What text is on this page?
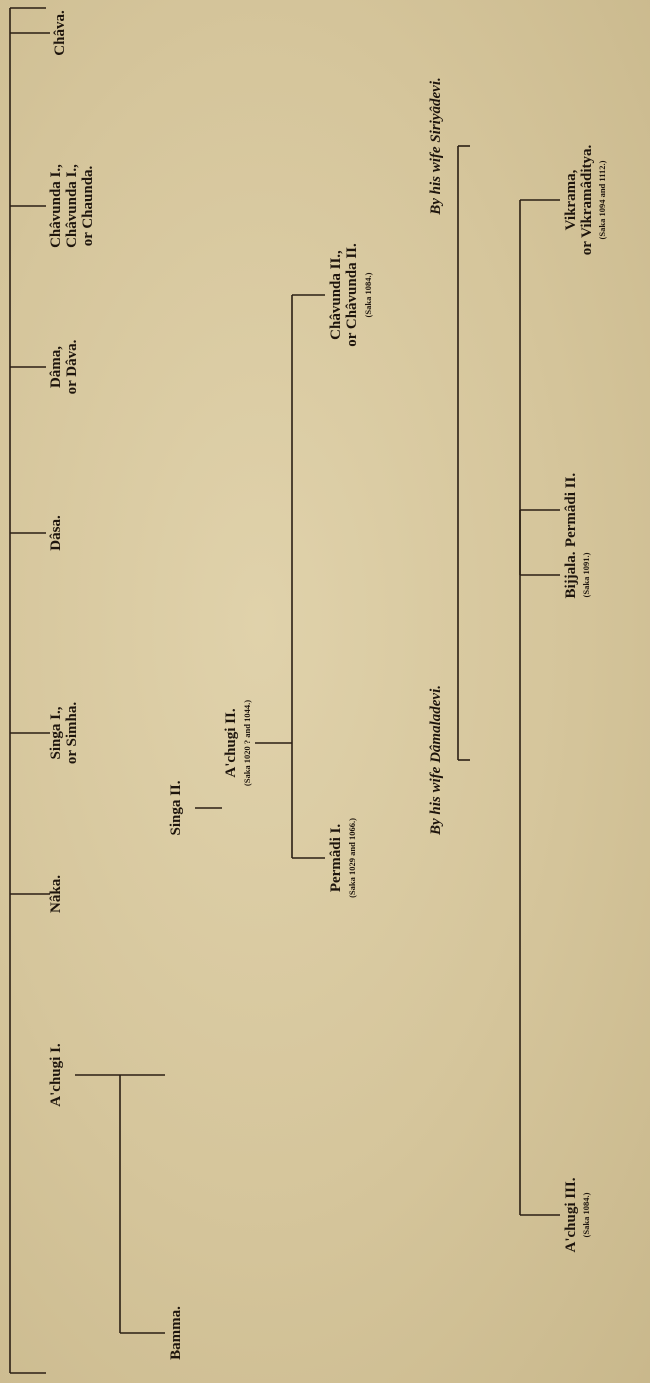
A'chugi I.
Nâka.
Singa I., or Simha.
Dâsa.
Dâma, or Dâva.
Châvunda I., Châvunda I., or Chaunda.
Châva.
Bamma.
Singa II.
A'chugi II. (Saka 1020 ? and 1044.)
Permâdi I. (Saka 1029 and 1066.)
Châvunda II., or Châvunda II. (Saka 1084.)
By his wife Dâmaladevi.
By his wife Siriyâdevi.
A'chugi III. (Saka 1084.)
Permâdi II.
Bijjala. (Saka 1091.)
Vikrama, or Vikramâditya. (Saka 1094 and 1112.)
